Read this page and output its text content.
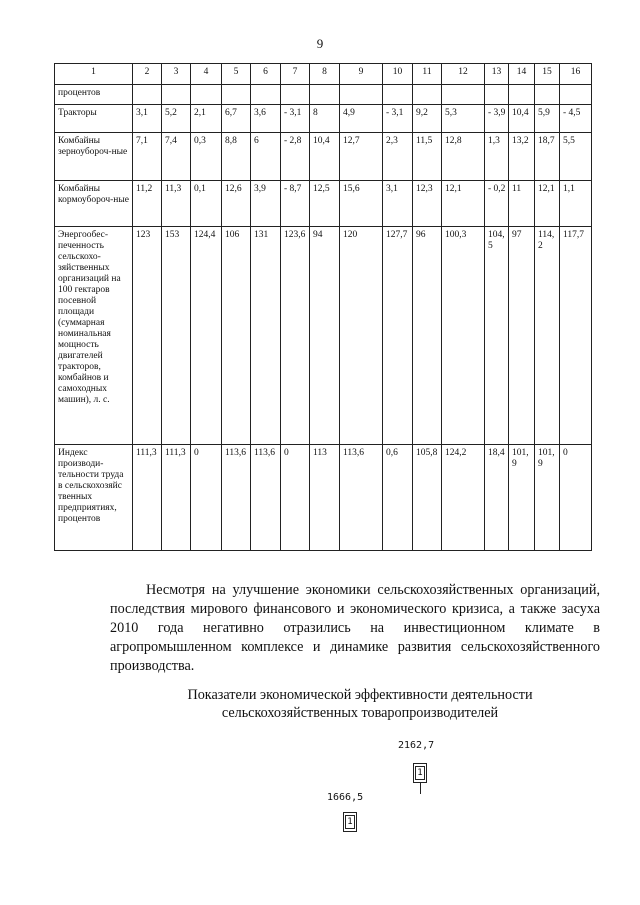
9
1	2	3	4	5	6	7	8	9	10	11	12	13	14	15	16
процентов															
Тракторы	3,1	5,2	2,1	6,7	3,6	- 3,1	8	4,9	- 3,1	9,2	5,3	- 3,9	10,4	5,9	- 4,5
Комбайны зерноубороч-ные	7,1	7,4	0,3	8,8	6	- 2,8	10,4	12,7	2,3	11,5	12,8	1,3	13,2	18,7	5,5
Комбайны кормоубороч-ные	11,2	11,3	0,1	12,6	3,9	- 8,7	12,5	15,6	3,1	12,3	12,1	- 0,2	11	12,1	1,1
Энергообес-печенность сельскохо-зяйственных организаций на 100 гектаров посевной площади (суммарная номинальная мощность двигателей тракторов, комбайнов и самоходных машин), л. с.	123	153	124,4	106	131	123,6	94	120	127,7	96	100,3	104,5	97	114,2	117,7
Индекс производи-тельности труда в сельскохозяйс твенных предприятиях, процентов	111,3	111,3	0	113,6	113,6	0	113	113,6	0,6	105,8	124,2	18,4	101,9	101,9	0
Несмотря на улучшение экономики сельскохозяйственных организаций, последствия мирового финансового и экономического кризиса, а также засуха 2010 года негативно отразились на инвестиционном климате в агропромышленном комплексе и динамике развития сельскохозяйственного производства.
Показатели экономической эффективности деятельности
сельскохозяйственных товаропроизводителей
2162,7
1
1666,5
1
